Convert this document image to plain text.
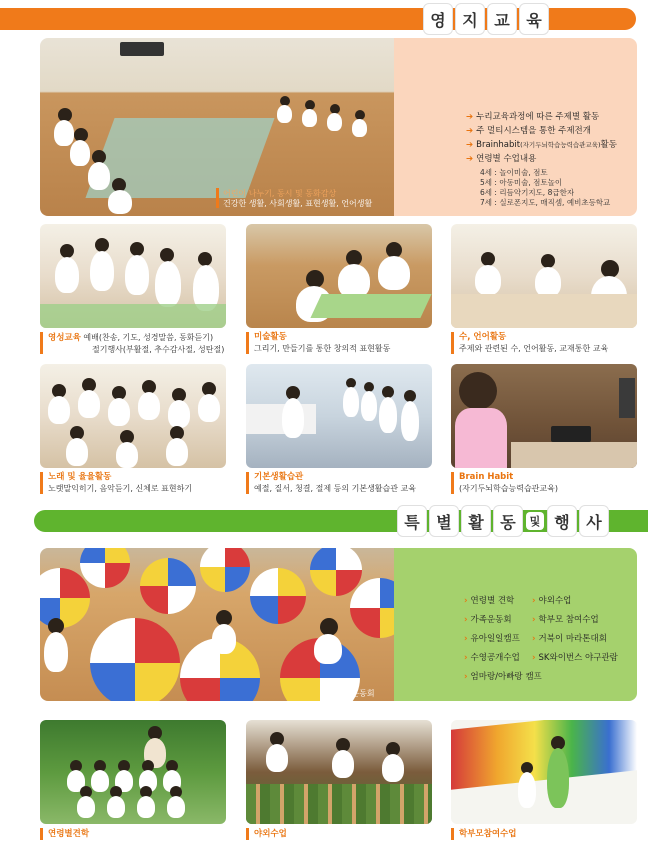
영	지	교	육
어린이 나누기, 동시 및 동화감상
건강한 생활, 사회생활, 표현생활, 언어생활
➔ 누리교육과정에 따른 주제별 활동
➔ 주 멀티시스템을 통한 주제전개
➔ Brainhabit(자기두뇌학습능력습관교육)활동
➔ 연령별 수업내용
4세 : 놀이미술, 점토
5세 : 아동미술, 점토놀이
6세 : 리듬악기지도, 8급한자
7세 : 실로폰지도, 매직셈, 예비초등학교
영성교육 예배(찬송, 기도, 성경말씀, 동화듣기)
절기행사(부활절, 추수감사절, 성탄절)
미술활동
그리기, 만들기를 통한 창의적 표현활동
수, 언어활동
주제와 관련된 수, 언어활동, 교재통한 교육
노래 및 율율활동
노랫말익히기, 음악듣기, 신체로 표현하기
기본생활습관
예절, 질서, 청결, 절제 등의 기본생활습관 교육
Brain Habit
(자기두뇌학습능력습관교육)
특	별	활	동	및 행	사
가족운동회
› 연령별 견학
› 가족운동회
› 유아일일캠프
› 수영공개수업
› 엄마랑/아빠랑 캠프
› 야외수업
› 학부모 참여수업
› 거북이 마라톤대회
› SK와이번스 야구관람
연령별견학	야외수업	학부모참여수업
